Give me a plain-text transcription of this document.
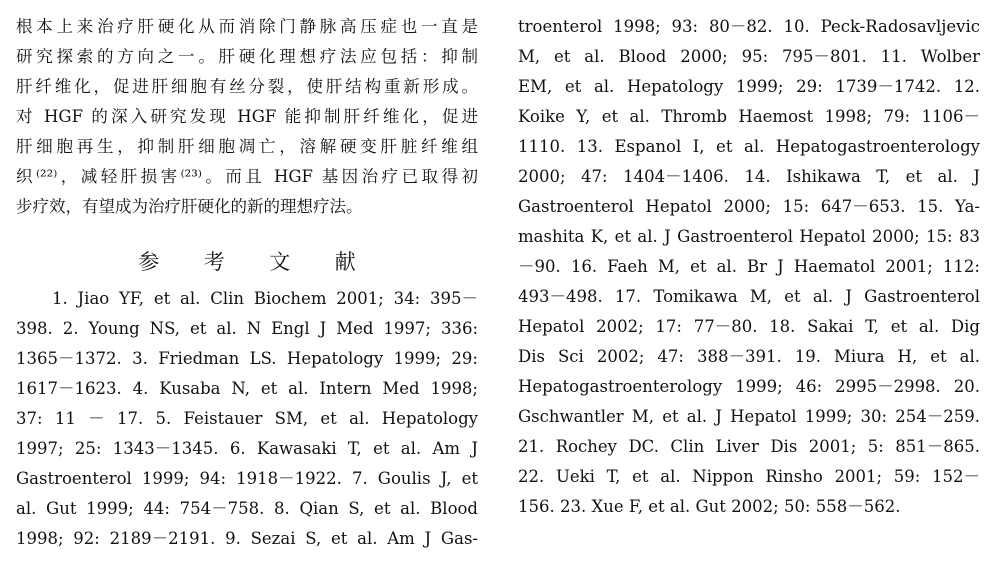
根本上来治疗肝硬化从而消除门静脉高压症也一直是
研究探索的方向之一。肝硬化理想疗法应包括：抑制
肝纤维化，促进肝细胞有丝分裂，使肝结构重新形成。
对 HGF 的深入研究发现 HGF 能抑制肝纤维化，促进
肝细胞再生，抑制肝细胞凋亡，溶解硬变肝脏纤维组
织⁽²²⁾，减轻肝损害⁽²³⁾。而且 HGF 基因治疗已取得初
步疗效，有望成为治疗肝硬化的新的理想疗法。
参 考 文 献
1. Jiao YF, et al. Clin Biochem 2001; 34: 395－
398. 2. Young NS, et al. N Engl J Med 1997; 336:
1365－1372. 3. Friedman LS. Hepatology 1999; 29:
1617－1623. 4. Kusaba N, et al. Intern Med 1998;
37: 11 － 17. 5. Feistauer SM, et al. Hepatology
1997; 25: 1343－1345. 6. Kawasaki T, et al. Am J
Gastroenterol 1999; 94: 1918－1922. 7. Goulis J, et
al. Gut 1999; 44: 754－758. 8. Qian S, et al. Blood
1998; 92: 2189－2191. 9. Sezai S, et al. Am J Gas-
troenterol 1998; 93: 80－82. 10. Peck-Radosavljevic
M, et al. Blood 2000; 95: 795－801. 11. Wolber
EM, et al. Hepatology 1999; 29: 1739－1742. 12.
Koike Y, et al. Thromb Haemost 1998; 79: 1106－
1110. 13. Espanol I, et al. Hepatogastroenterology
2000; 47: 1404－1406. 14. Ishikawa T, et al. J
Gastroenterol Hepatol 2000; 15: 647－653. 15. Ya-
mashita K, et al. J Gastroenterol Hepatol 2000; 15: 83
－90. 16. Faeh M, et al. Br J Haematol 2001; 112:
493－498. 17. Tomikawa M, et al. J Gastroenterol
Hepatol 2002; 17: 77－80. 18. Sakai T, et al. Dig
Dis Sci 2002; 47: 388－391. 19. Miura H, et al.
Hepatogastroenterology 1999; 46: 2995－2998. 20.
Gschwantler M, et al. J Hepatol 1999; 30: 254－259.
21. Rochey DC. Clin Liver Dis 2001; 5: 851－865.
22. Ueki T, et al. Nippon Rinsho 2001; 59: 152－
156. 23. Xue F, et al. Gut 2002; 50: 558－562.
